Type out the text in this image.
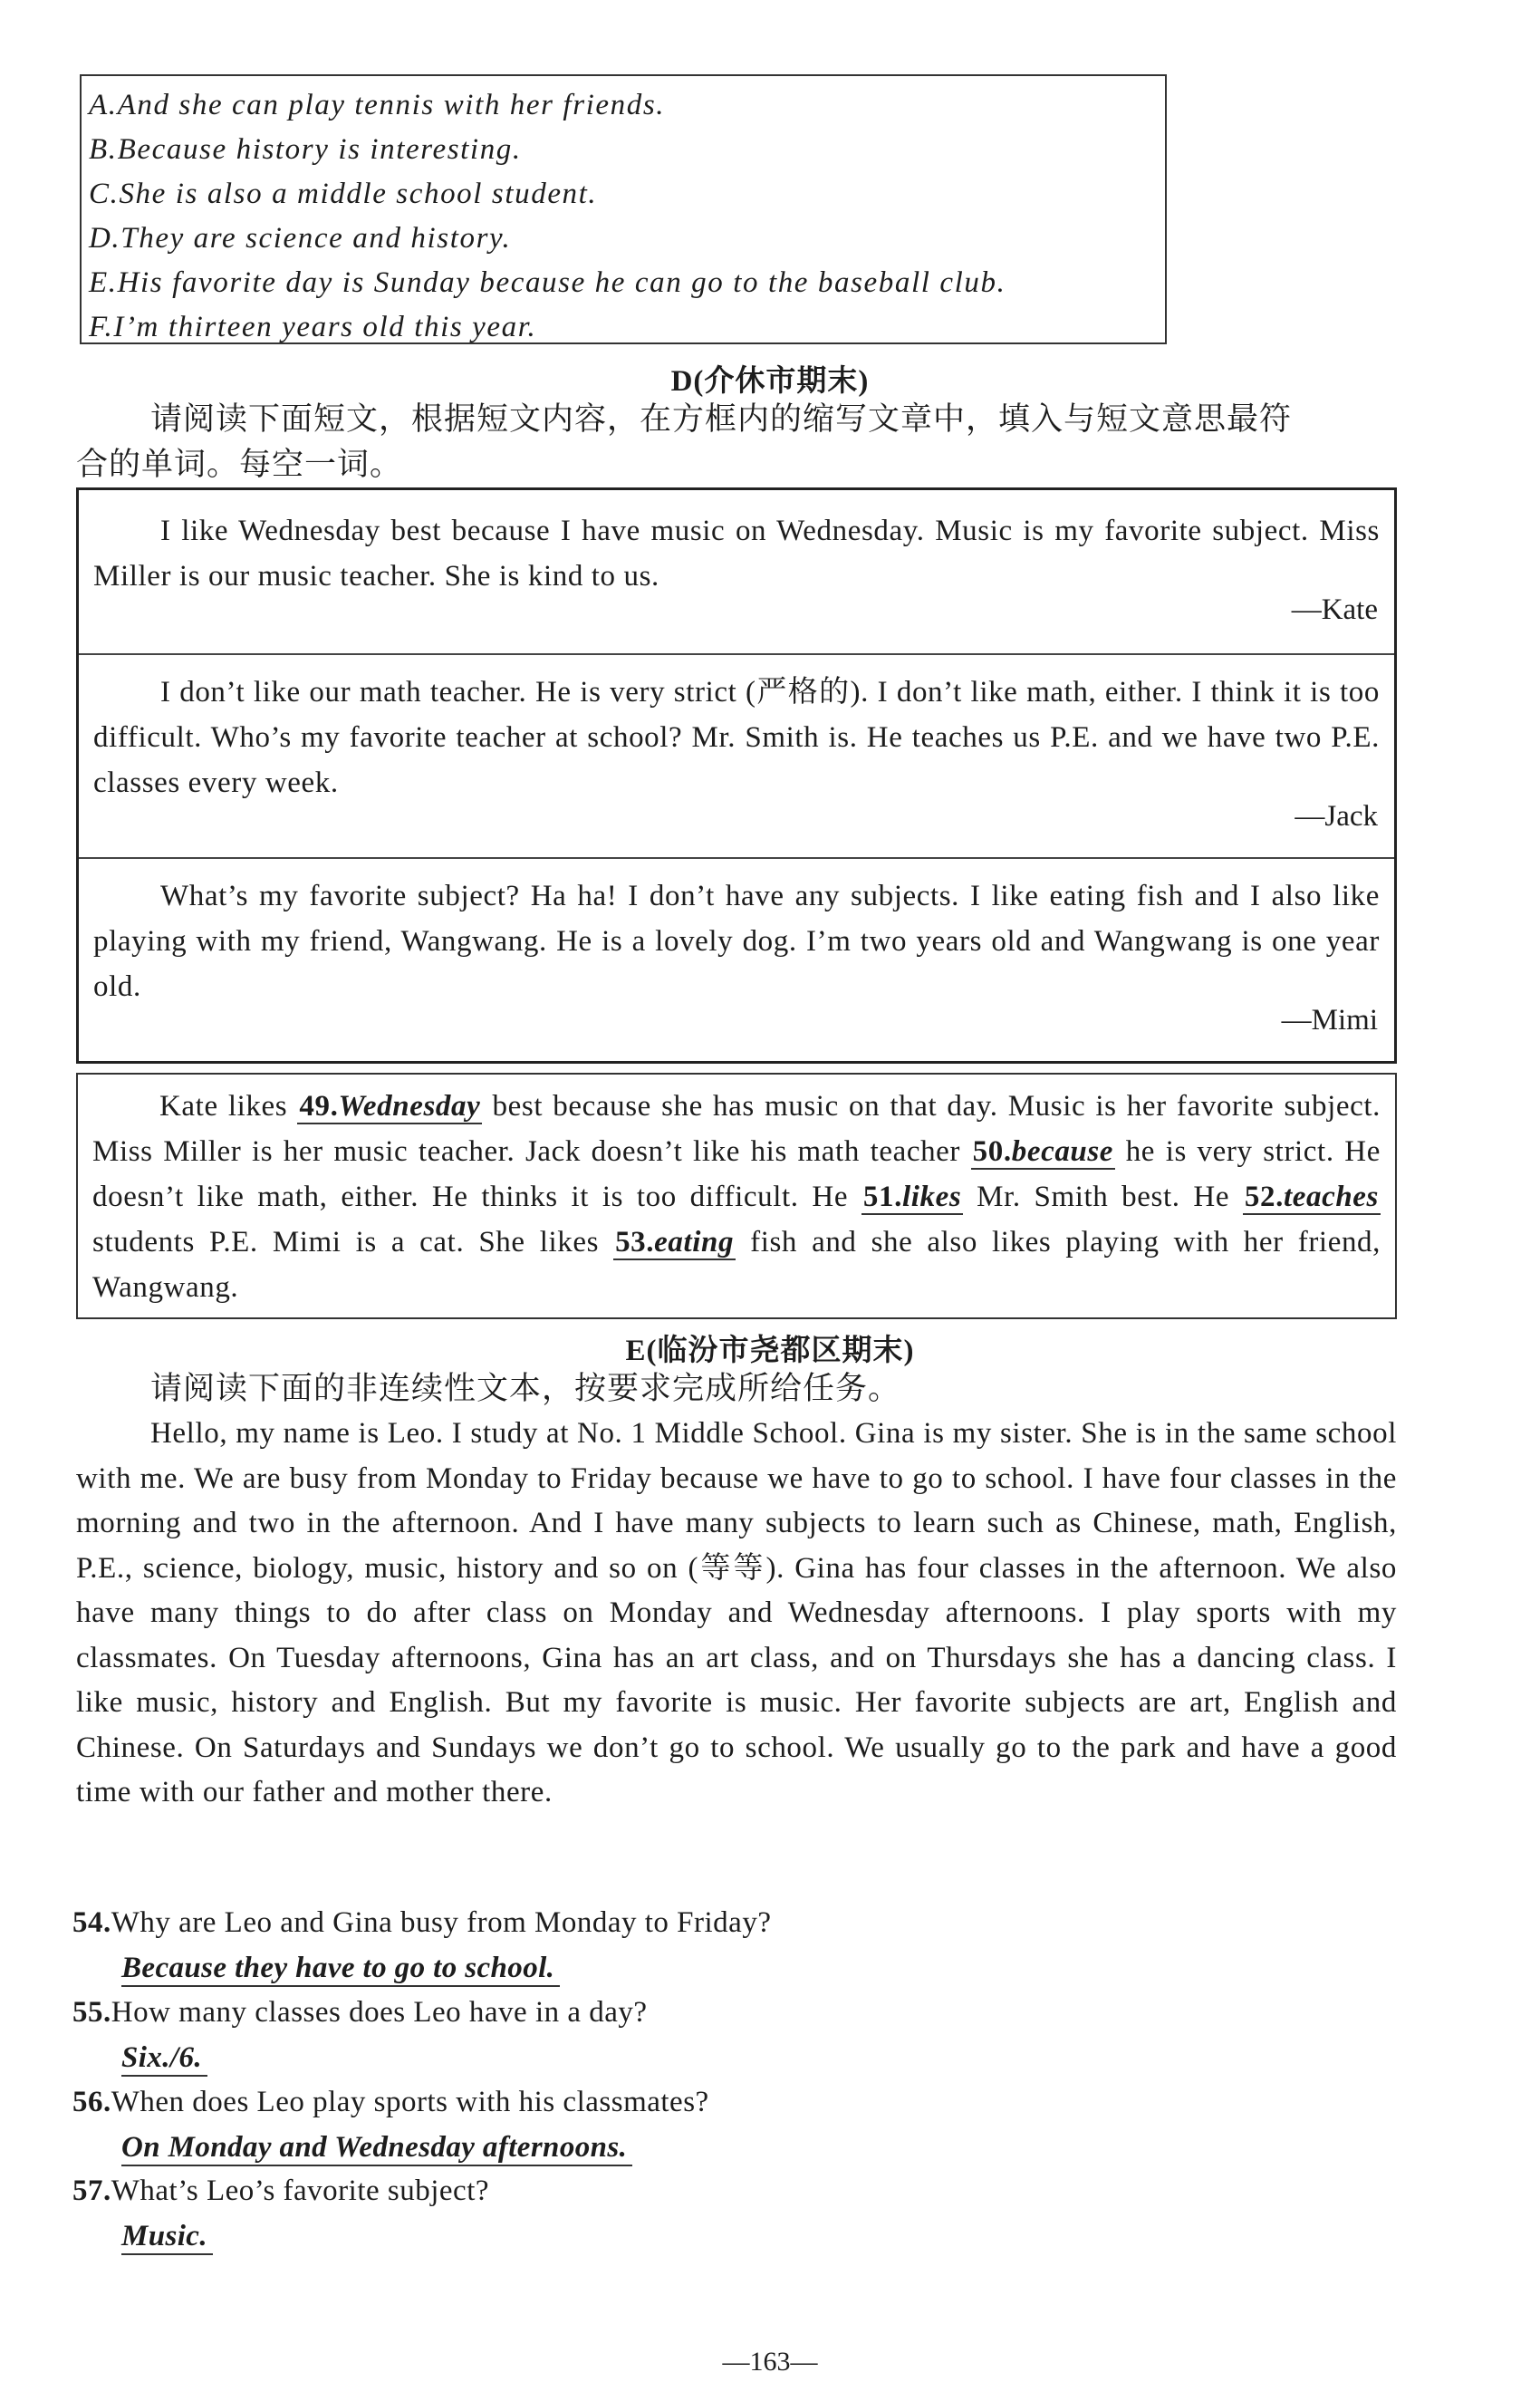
A.And she can play tennis with her friends.
B.Because history is interesting.
C.She is also a middle school student.
D.They are science and history.
E.His favorite day is Sunday because he can go to the baseball club.
F.I’m thirteen years old this year.
D(介休市期末)
请阅读下面短文，根据短文内容，在方框内的缩写文章中，填入与短文意思最符
合的单词。每空一词。
I like Wednesday best because I have music on Wednesday. Music is my favorite subject. Miss Miller is our music teacher. She is kind to us.
—Kate
I don’t like our math teacher. He is very strict (严格的). I don’t like math, either. I think it is too difficult. Who’s my favorite teacher at school? Mr. Smith is. He teaches us P.E. and we have two P.E. classes every week.
—Jack
What’s my favorite subject? Ha ha! I don’t have any subjects. I like eating fish and I also like playing with my friend, Wangwang. He is a lovely dog. I’m two years old and Wangwang is one year old.
—Mimi
Kate likes 49.Wednesday best because she has music on that day. Music is her favorite subject. Miss Miller is her music teacher. Jack doesn’t like his math teacher 50.because he is very strict. He doesn’t like math, either. He thinks it is too difficult. He 51.likes Mr. Smith best. He 52.teaches students P.E. Mimi is a cat. She likes 53.eating fish and she also likes playing with her friend, Wangwang.
E(临汾市尧都区期末)
请阅读下面的非连续性文本，按要求完成所给任务。
Hello, my name is Leo. I study at No. 1 Middle School. Gina is my sister. She is in the same school with me. We are busy from Monday to Friday because we have to go to school. I have four classes in the morning and two in the afternoon. And I have many subjects to learn such as Chinese, math, English, P.E., science, biology, music, history and so on (等等). Gina has four classes in the afternoon. We also have many things to do after class on Monday and Wednesday afternoons. I play sports with my classmates. On Tuesday afternoons, Gina has an art class, and on Thursdays she has a dancing class. I like music, history and English. But my favorite is music. Her favorite subjects are art, English and Chinese. On Saturdays and Sundays we don’t go to school. We usually go to the park and have a good time with our father and mother there.
54.Why are Leo and Gina busy from Monday to Friday?
Because they have to go to school.
55.How many classes does Leo have in a day?
Six./6.
56.When does Leo play sports with his classmates?
On Monday and Wednesday afternoons.
57.What’s Leo’s favorite subject?
Music.
—163—
